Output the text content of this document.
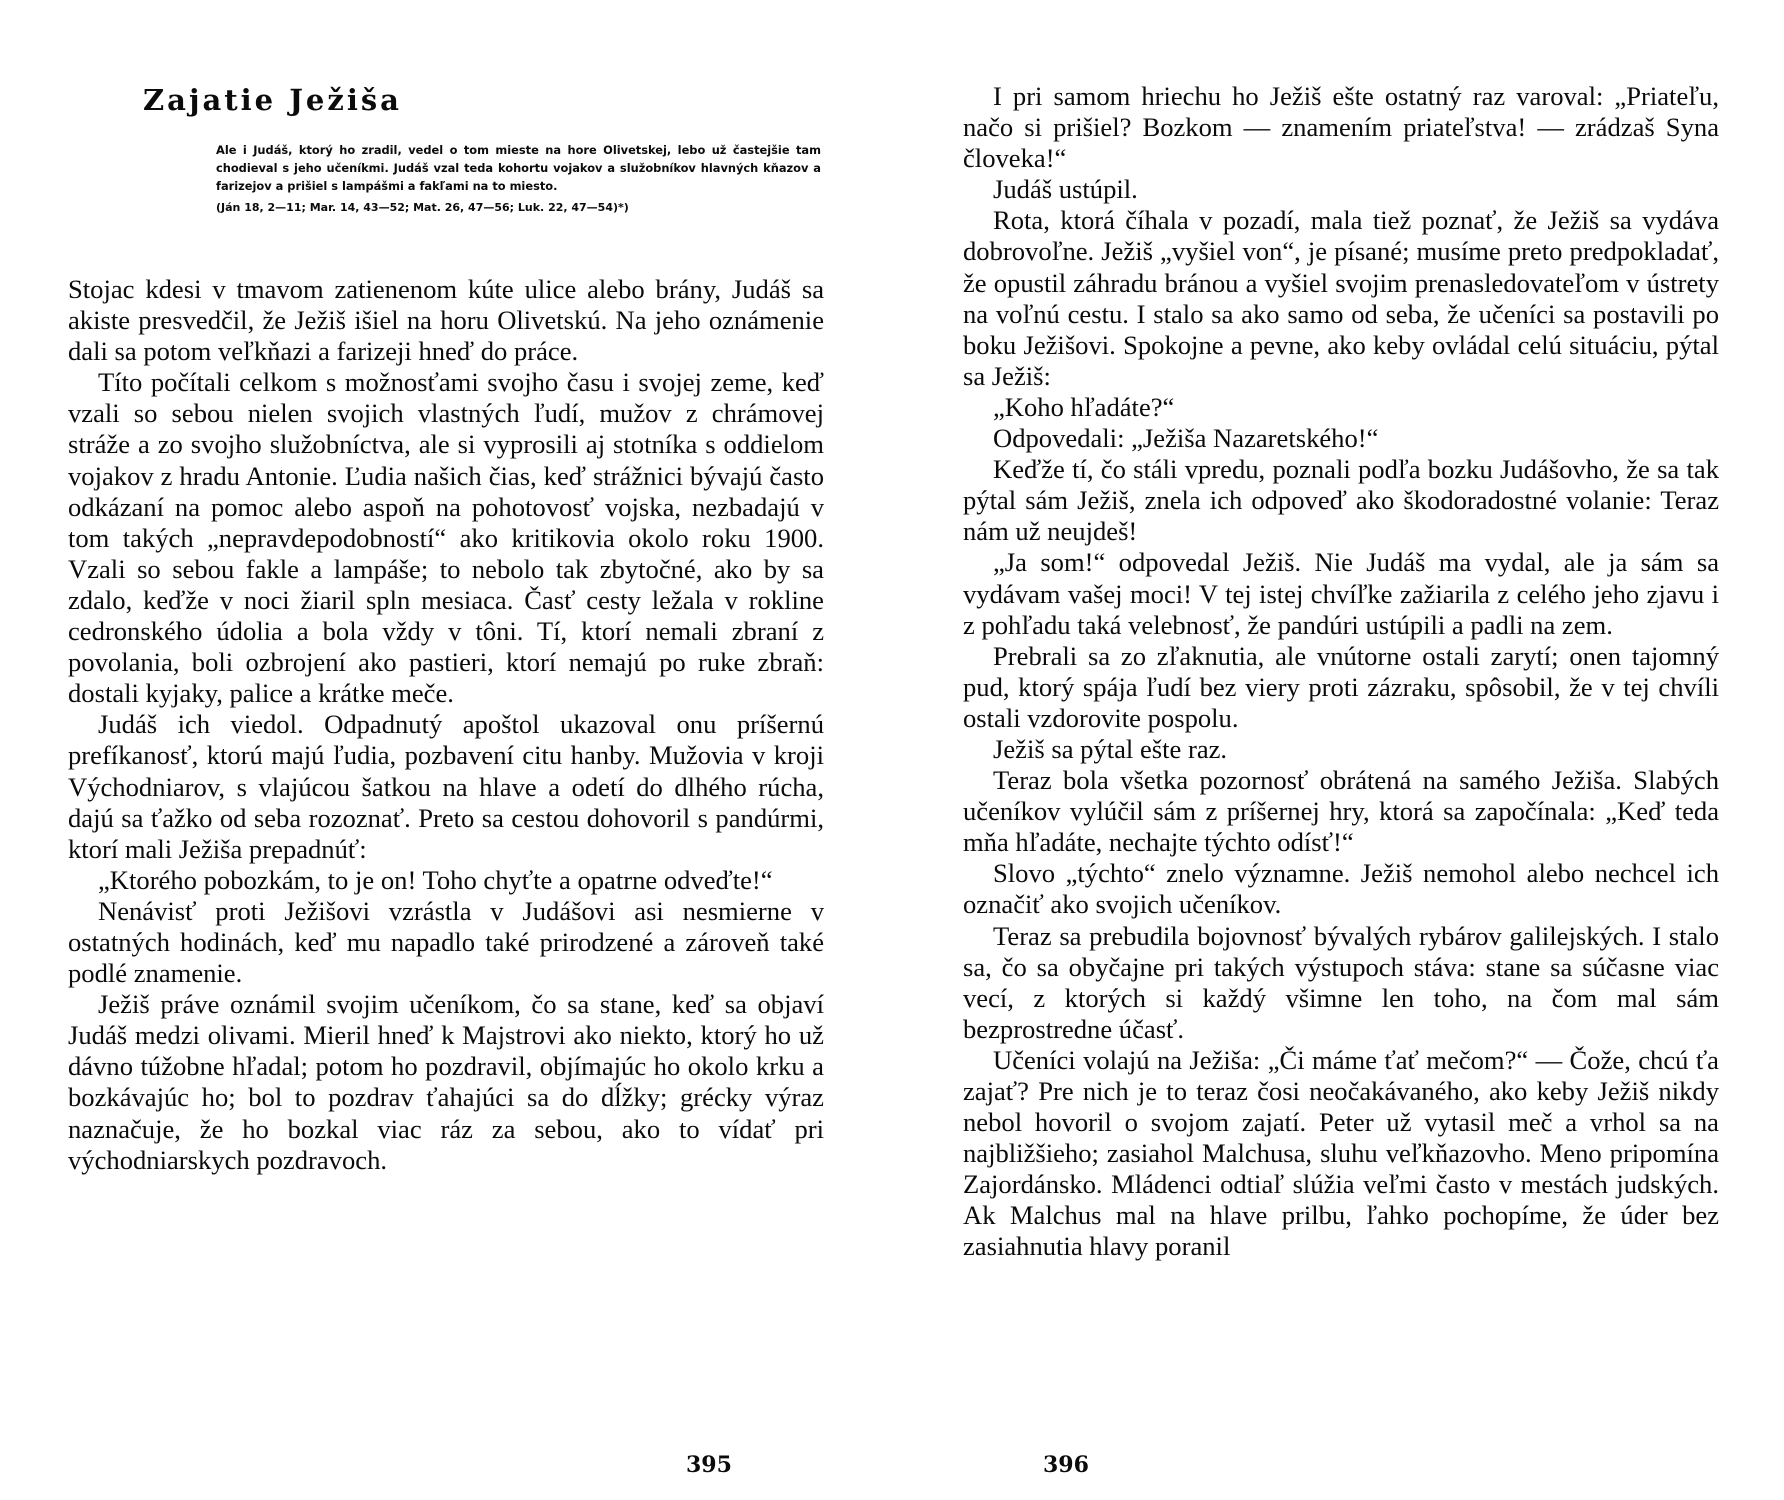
Zajatie Ježiša

Ale i Judáš, ktorý ho zradil, vedel o tom mieste na hore Olivetskej, lebo už častejšie tam chodieval s jeho učeníkmi. Judáš vzal teda kohortu vojakov a služobníkov hlavných kňazov a farizejov a prišiel s lampášmi a fakľami na to miesto.

(Ján 18, 2—11; Mar. 14, 43—52; Mat. 26, 47—56; Luk. 22, 47—54)*)

Stojac kdesi v tmavom zatienenom kúte ulice alebo brány, Judáš sa akiste presvedčil, že Ježiš išiel na horu Olivetskú. Na jeho oznámenie dali sa potom veľkňazi a farizeji hneď do práce.

Títo počítali celkom s možnosťami svojho času i svojej zeme, keď vzali so sebou nielen svojich vlastných ľudí, mužov z chrámovej stráže a zo svojho služobníctva, ale si vyprosili aj stotníka s oddielom vojakov z hradu Antonie. Ľudia našich čias, keď strážnici bývajú často odkázaní na pomoc alebo aspoň na pohotovosť vojska, nezbadajú v tom takých „nepravdepodobností“ ako kritikovia okolo roku 1900. Vzali so sebou fakle a lampáše; to nebolo tak zbytočné, ako by sa zdalo, keďže v noci žiaril spln mesiaca. Časť cesty ležala v rokline cedronského údolia a bola vždy v tôni. Tí, ktorí nemali zbraní z povolania, boli ozbrojení ako pastieri, ktorí nemajú po ruke zbraň: dostali kyjaky, palice a krátke meče.

Judáš ich viedol. Odpadnutý apoštol ukazoval onu príšernú prefíkanosť, ktorú majú ľudia, pozbavení citu hanby. Mužovia v kroji Východniarov, s vlajúcou šatkou na hlave a odetí do dlhého rúcha, dajú sa ťažko od seba rozoznať. Preto sa cestou dohovoril s pandúrmi, ktorí mali Ježiša prepadnúť:

„Ktorého pobozkám, to je on! Toho chyťte a opatrne odveďte!“

Nenávisť proti Ježišovi vzrástla v Judášovi asi nesmierne v ostatných hodinách, keď mu napadlo také prirodzené a zároveň také podlé znamenie.

Ježiš práve oznámil svojim učeníkom, čo sa stane, keď sa objaví Judáš medzi olivami. Mieril hneď k Majstrovi ako niekto, ktorý ho už dávno túžobne hľadal; potom ho pozdravil, objímajúc ho okolo krku a bozkávajúc ho; bol to pozdrav ťahajúci sa do dĺžky; grécky výraz naznačuje, že ho bozkal viac ráz za sebou, ako to vídať pri východniarskych pozdravoch.

395

I pri samom hriechu ho Ježiš ešte ostatný raz varoval: „Priateľu, načo si prišiel? Bozkom — znamením priateľstva! — zrádzaš Syna človeka!“

Judáš ustúpil.

Rota, ktorá číhala v pozadí, mala tiež poznať, že Ježiš sa vydáva dobrovoľne. Ježiš „vyšiel von“, je písané; musíme preto predpokladať, že opustil záhradu bránou a vyšiel svojim prenasledovateľom v ústrety na voľnú cestu. I stalo sa ako samo od seba, že učeníci sa postavili po boku Ježišovi. Spokojne a pevne, ako keby ovládal celú situáciu, pýtal sa Ježiš:

„Koho hľadáte?“

Odpovedali: „Ježiša Nazaretského!“

Keďže tí, čo stáli vpredu, poznali podľa bozku Judášovho, že sa tak pýtal sám Ježiš, znela ich odpoveď ako škodoradostné volanie: Teraz nám už neujdeš!

„Ja som!“ odpovedal Ježiš. Nie Judáš ma vydal, ale ja sám sa vydávam vašej moci! V tej istej chvíľke zažiarila z celého jeho zjavu i z pohľadu taká velebnosť, že pandúri ustúpili a padli na zem.

Prebrali sa zo zľaknutia, ale vnútorne ostali zarytí; onen tajomný pud, ktorý spája ľudí bez viery proti zázraku, spôsobil, že v tej chvíli ostali vzdorovite pospolu.

Ježiš sa pýtal ešte raz.

Teraz bola všetka pozornosť obrátená na samého Ježiša. Slabých učeníkov vylúčil sám z príšernej hry, ktorá sa započínala: „Keď teda mňa hľadáte, nechajte týchto odísť!“

Slovo „týchto“ znelo významne. Ježiš nemohol alebo nechcel ich označiť ako svojich učeníkov.

Teraz sa prebudila bojovnosť bývalých rybárov galilejských. I stalo sa, čo sa obyčajne pri takých výstupoch stáva: stane sa súčasne viac vecí, z ktorých si každý všimne len toho, na čom mal sám bezprostredne účasť.

Učeníci volajú na Ježiša: „Či máme ťať mečom?“ — Čože, chcú ťa zajať? Pre nich je to teraz čosi neočakávaného, ako keby Ježiš nikdy nebol hovoril o svojom zajatí. Peter už vytasil meč a vrhol sa na najbližšieho; zasiahol Malchusa, sluhu veľkňazovho. Meno pripomína Zajordánsko. Mládenci odtiaľ slúžia veľmi často v mestách judských. Ak Malchus mal na hlave prilbu, ľahko pochopíme, že úder bez zasiahnutia hlavy poranil

396
